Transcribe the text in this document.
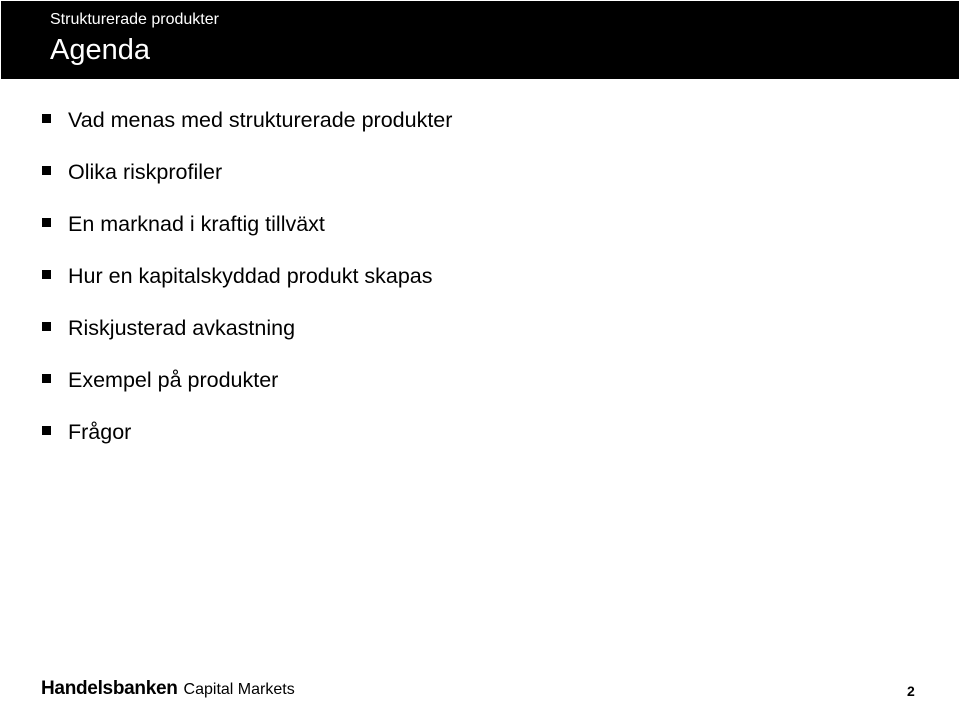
Strukturerade produkter
Agenda
Vad menas med strukturerade produkter
Olika riskprofiler
En marknad i kraftig tillväxt
Hur en kapitalskyddad produkt skapas
Riskjusterad avkastning
Exempel på produkter
Frågor
Handelsbanken Capital Markets	2
